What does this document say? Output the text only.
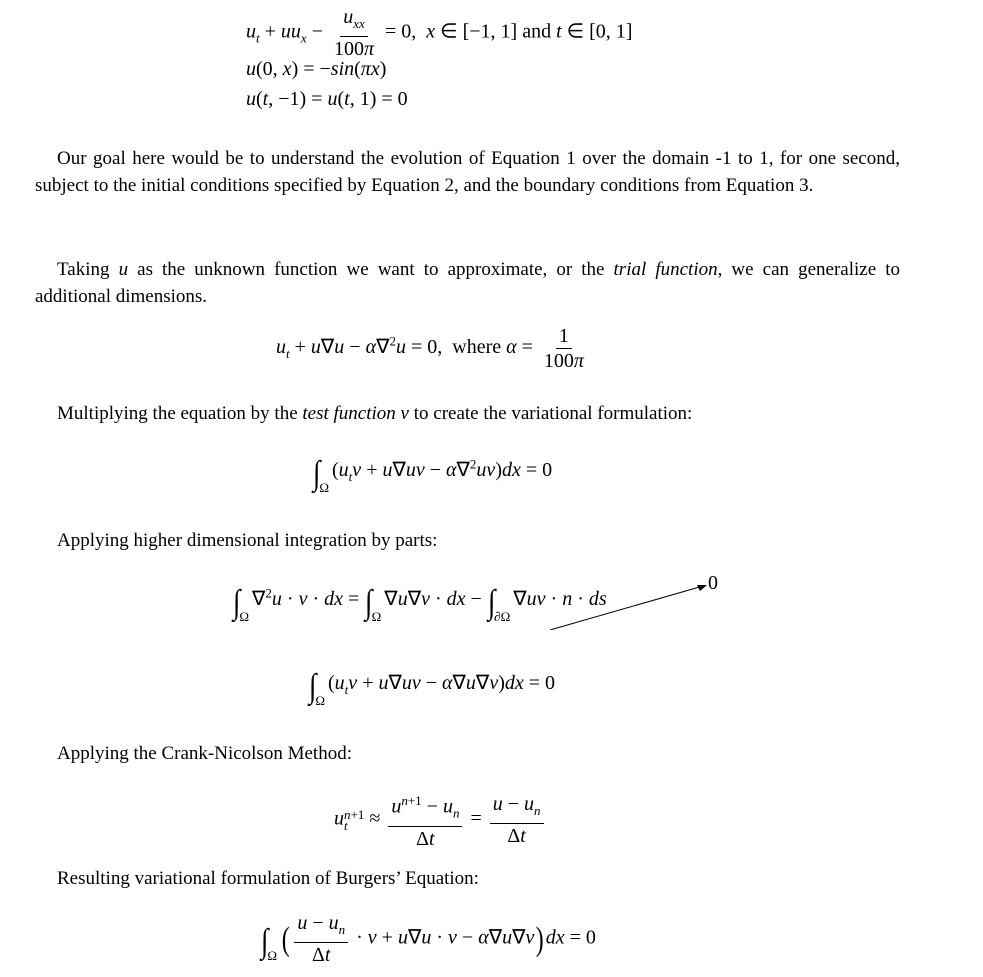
$u_t + uu_x - \frac{u_{xx}}{100\pi} = 0$,  x ∈ [−1, 1] and t ∈ [0, 1]
u(0, x) = −sin(πx)
u(t, −1) = u(t, 1) = 0
Our goal here would be to understand the evolution of Equation 1 over the domain -1 to 1, for one second, subject to the initial conditions specified by Equation 2, and the boundary conditions from Equation 3.
Taking u as the unknown function we want to approximate, or the trial function, we can generalize to additional dimensions.
$u_t + u\nabla u - \alpha\nabla^2u = 0$,  where $\alpha = \frac{1}{100\pi}$
Multiplying the equation by the test function v to create the variational formulation:
$\int_\Omega(u_tv + u\nabla uv - \alpha\nabla^2uv)dx = 0$
Applying higher dimensional integration by parts:
$\int_\Omega\nabla^2u \cdot v$ · dx = $\int_\Omega\nabla u\nabla v$ · dx − $\int_{\partial\Omega}\nabla uv \cdot n$ · ds
0
$\int_\Omega(u_tv + u\nabla uv - \alpha\nabla u\nabla v)dx = 0$
Applying the Crank-Nicolson Method:
u n+1
$t \approx \frac{u^{n+1} - u_n}{\Delta t} = \frac{u - u_n}{\Delta t}$
Resulting variational formulation of Burgers’ Equation:
$\int_\Omega$ ( $\frac{u - u_n}{\Delta t} \cdot v + u\nabla u \cdot v - \alpha\nabla u\nabla v)dx = 0$
